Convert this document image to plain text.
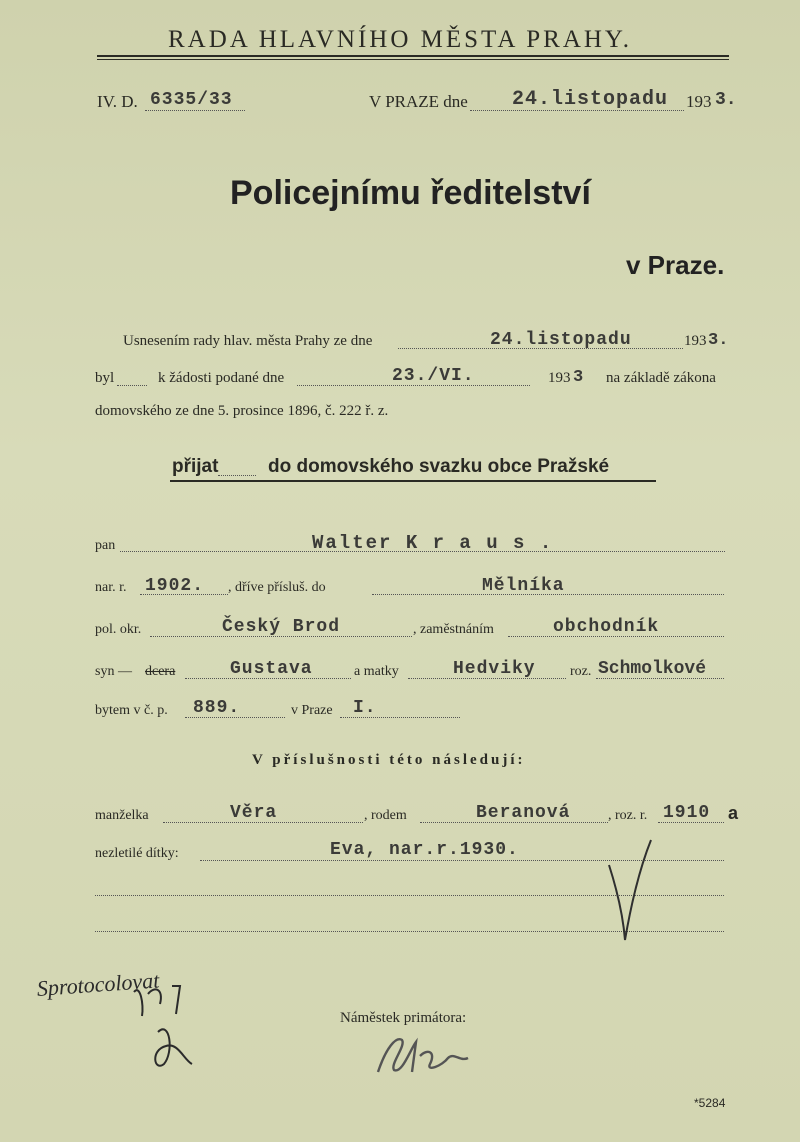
RADA HLAVNÍHO MĚSTA PRAHY.
IV. D. 6335/33	V PRAZE dne 24.listopadu 193 3.
Policejnímu ředitelství
v Praze.
Usnesením rady hlav. města Prahy ze dne	24.listopadu	193 3.
byl	k žádosti podané dne	23./VI.	193 3 na základě zákona
domovského ze dne 5. prosince 1896, č. 222 ř. z.
přijat	do domovského svazku obce Pražské
pan	Walter K r a u s .
nar. r. 1902. , dříve přísluš. do	Mělníka
pol. okr.	Český Brod	, zaměstnáním	obchodník
syn — dcera	Gustava	a matky	Hedviky roz. Schmolkové
bytem v č. p. 889.	v Praze I.
V příslušnosti této následují:
manželka	Věra	, rodem	Beranová	, roz. r. 1910 a
nezletilé dítky:	Eva, nar.r.1930.
Sprotocolovat
Náměstek primátora:
*5284
